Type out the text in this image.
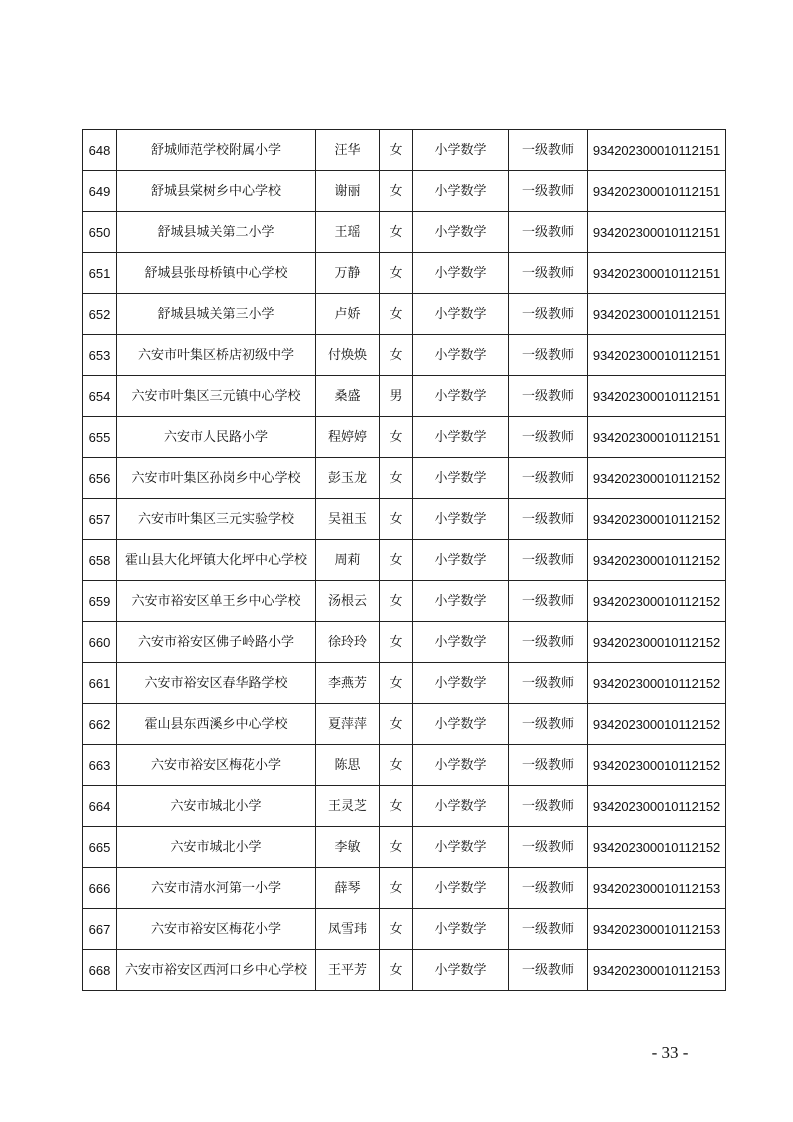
648	舒城师范学校附属小学	汪华	女	小学数学	一级教师	934202300010112151
649	舒城县棠树乡中心学校	谢丽	女	小学数学	一级教师	934202300010112151
650	舒城县城关第二小学	王瑶	女	小学数学	一级教师	934202300010112151
651	舒城县张母桥镇中心学校	万静	女	小学数学	一级教师	934202300010112151
652	舒城县城关第三小学	卢娇	女	小学数学	一级教师	934202300010112151
653	六安市叶集区桥店初级中学	付焕焕	女	小学数学	一级教师	934202300010112151
654	六安市叶集区三元镇中心学校	桑盛	男	小学数学	一级教师	934202300010112151
655	六安市人民路小学	程婷婷	女	小学数学	一级教师	934202300010112151
656	六安市叶集区孙岗乡中心学校	彭玉龙	女	小学数学	一级教师	934202300010112152
657	六安市叶集区三元实验学校	吴祖玉	女	小学数学	一级教师	934202300010112152
658	霍山县大化坪镇大化坪中心学校	周莉	女	小学数学	一级教师	934202300010112152
659	六安市裕安区单王乡中心学校	汤根云	女	小学数学	一级教师	934202300010112152
660	六安市裕安区佛子岭路小学	徐玲玲	女	小学数学	一级教师	934202300010112152
661	六安市裕安区春华路学校	李燕芳	女	小学数学	一级教师	934202300010112152
662	霍山县东西溪乡中心学校	夏萍萍	女	小学数学	一级教师	934202300010112152
663	六安市裕安区梅花小学	陈思	女	小学数学	一级教师	934202300010112152
664	六安市城北小学	王灵芝	女	小学数学	一级教师	934202300010112152
665	六安市城北小学	李敏	女	小学数学	一级教师	934202300010112152
666	六安市清水河第一小学	薛琴	女	小学数学	一级教师	934202300010112153
667	六安市裕安区梅花小学	凤雪玮	女	小学数学	一级教师	934202300010112153
668	六安市裕安区西河口乡中心学校	王平芳	女	小学数学	一级教师	934202300010112153
- 33 -
